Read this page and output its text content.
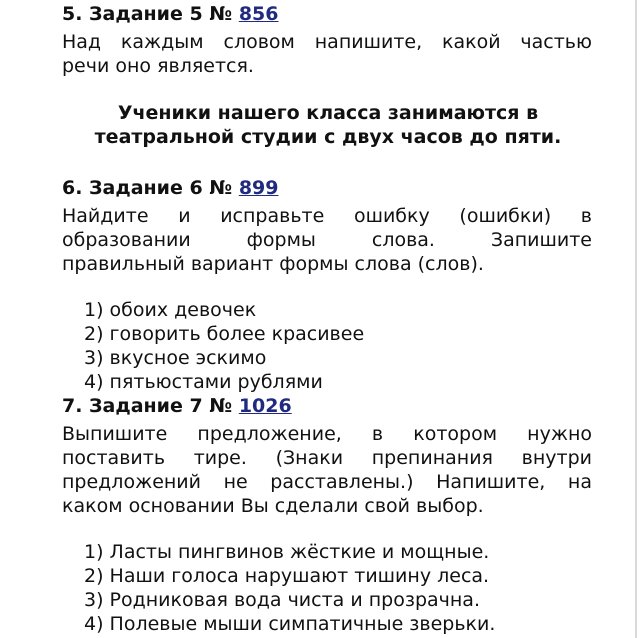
5. Задание 5 № 856
Над каждым словом напишите, какой частью
речи оно является.
Ученики нашего класса занимаются в
театральной студии с двух часов до пяти.
6. Задание 6 № 899
Найдите и исправьте ошибку (ошибки) в
образовании формы слова. Запишите
правильный вариант формы слова (слов).
1) обоих девочек
2) говорить более красивее
3) вкусное эскимо
4) пятьюстами рублями
7. Задание 7 № 1026
Выпишите предложение, в котором нужно
поставить тире. (Знаки препинания внутри
предложений не расставлены.) Напишите, на
каком основании Вы сделали свой выбор.
1) Ласты пингвинов жёсткие и мощные.
2) Наши голоса нарушают тишину леса.
3) Родниковая вода чиста и прозрачна.
4) Полевые мыши симпатичные зверьки.
